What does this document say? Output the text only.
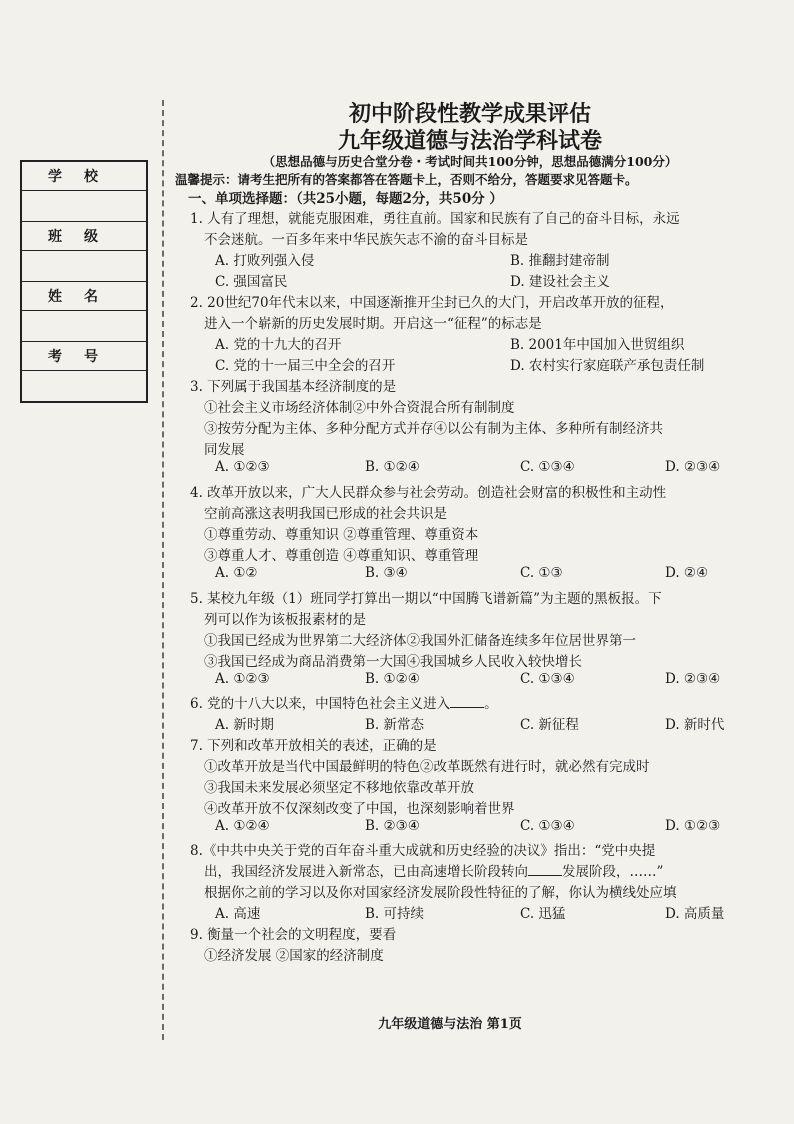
学校

班级

姓名

考号

初中阶段性教学成果评估
九年级道德与法治学科试卷
（思想品德与历史合堂分卷・考试时间共100分钟，思想品德满分100分）
温馨提示：请考生把所有的答案都答在答题卡上，否则不给分，答题要求见答题卡。
一、单项选择题：（共25小题，每题2分，共50分 ）
1. 人有了理想，就能克服困难，勇往直前。国家和民族有了自己的奋斗目标，永远
不会迷航。一百多年来中华民族矢志不渝的奋斗目标是
A. 打败列强入侵	B. 推翻封建帝制
C. 强国富民	D. 建设社会主义
2. 20世纪70年代末以来，中国逐渐推开尘封已久的大门，开启改革开放的征程，
进入一个崭新的历史发展时期。开启这一“征程”的标志是
A. 党的十九大的召开	B. 2001年中国加入世贸组织
C. 党的十一届三中全会的召开	D. 农村实行家庭联产承包责任制
3. 下列属于我国基本经济制度的是
①社会主义市场经济体制②中外合资混合所有制制度
③按劳分配为主体、多种分配方式并存④以公有制为主体、多种所有制经济共
同发展
A. ①②③	B. ①②④	C. ①③④	D. ②③④
4. 改革开放以来，广大人民群众参与社会劳动。创造社会财富的积极性和主动性
空前高涨这表明我国已形成的社会共识是
①尊重劳动、尊重知识 ②尊重管理、尊重资本
③尊重人才、尊重创造 ④尊重知识、尊重管理
A. ①②	B. ③④	C. ①③	D. ②④
5. 某校九年级（1）班同学打算出一期以“中国腾飞谱新篇”为主题的黑板报。下
列可以作为该板报素材的是
①我国已经成为世界第二大经济体②我国外汇储备连续多年位居世界第一
③我国已经成为商品消费第一大国④我国城乡人民收入较快增长
A. ①②③	B. ①②④	C. ①③④	D. ②③④
6. 党的十八大以来，中国特色社会主义进入	。
A. 新时期	B. 新常态	C. 新征程	D. 新时代
7. 下列和改革开放相关的表述，正确的是
①改革开放是当代中国最鲜明的特色②改革既然有进行时，就必然有完成时
③我国未来发展必须坚定不移地依靠改革开放
④改革开放不仅深刻改变了中国，也深刻影响着世界
A. ①②④	B. ②③④	C. ①③④	D. ①②③
8.《中共中央关于党的百年奋斗重大成就和历史经验的决议》指出：“党中央提
出，我国经济发展进入新常态，已由高速增长阶段转向	发展阶段，……”
根据你之前的学习以及你对国家经济发展阶段性特征的了解，你认为横线处应填
A. 高速	B. 可持续	C. 迅猛	D. 高质量
9. 衡量一个社会的文明程度，要看
①经济发展 ②国家的经济制度
九年级道德与法治 第1页
